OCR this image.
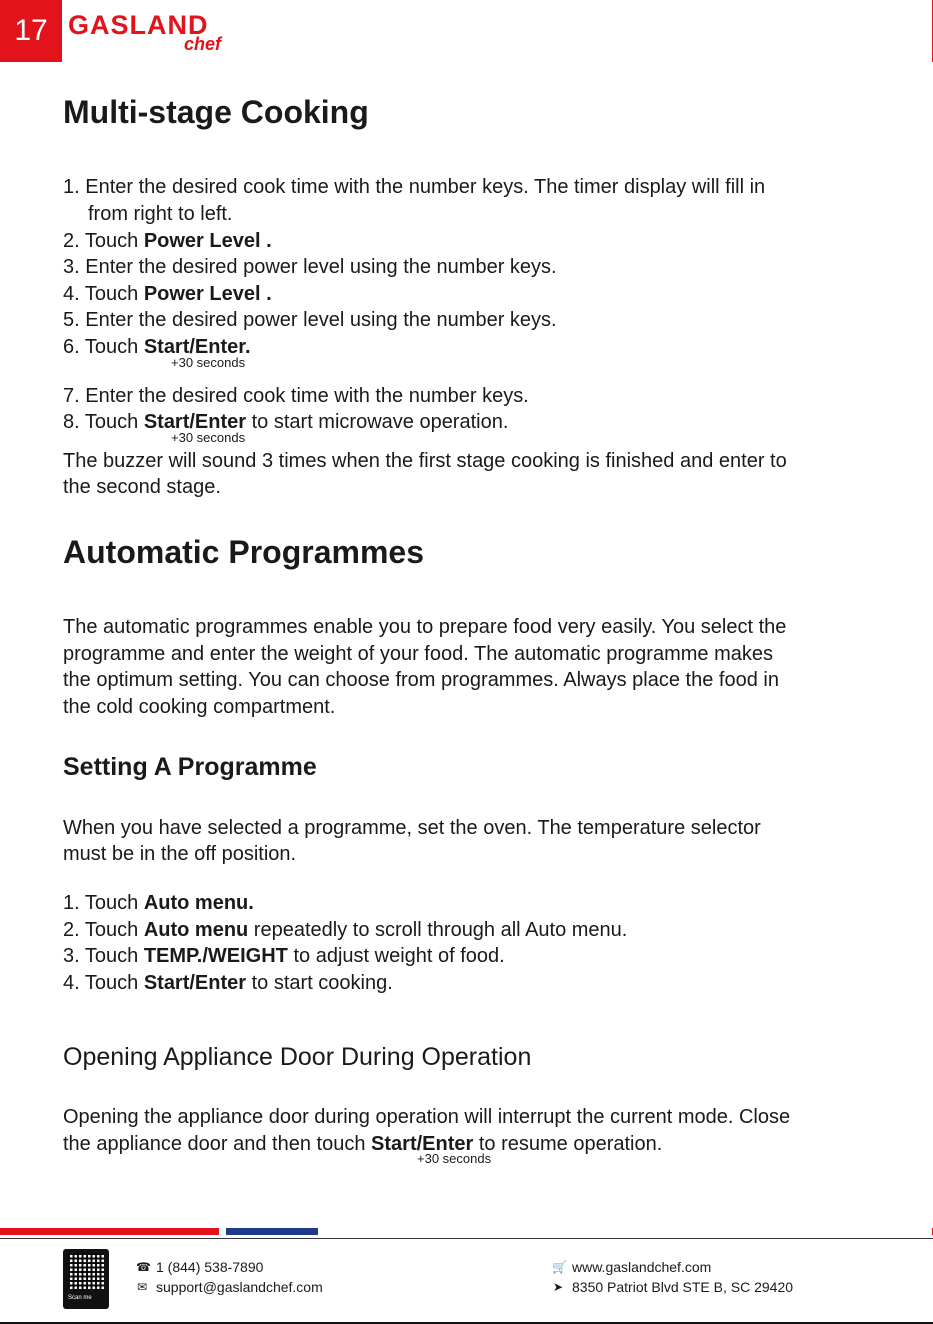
17 GASLAND
chef
Multi-stage Cooking
1. Enter the desired cook time with the number keys. The timer display will fill in
from right to left.
2. Touch Power Level .
3. Enter the desired power level using the number keys.
4. Touch Power Level .
5. Enter the desired power level using the number keys.
6. Touch Start/Enter.
+30 seconds
7. Enter the desired cook time with the number keys.
8. Touch Start/Enter to start microwave operation.
+30 seconds
The buzzer will sound 3 times when the first stage cooking is finished and enter to
the second stage.
Automatic Programmes
The automatic programmes enable you to prepare food very easily. You select the
programme and enter the weight of your food. The automatic programme makes
the optimum setting. You can choose from programmes. Always place the food in
the cold cooking compartment.
Setting A Programme
When you have selected a programme, set the oven. The temperature selector
must be in the off position.
1. Touch Auto menu.
2. Touch Auto menu repeatedly to scroll through all Auto menu.
3. Touch TEMP./WEIGHT to adjust weight of food.
4. Touch Start/Enter to start cooking.
Opening Appliance Door During Operation
Opening the appliance door during operation will interrupt the current mode. Close
the appliance door and then touch Start/Enter to resume operation.
+30 seconds
Scan me
☎ 1 (844) 538-7890
✉ support@gaslandchef.com
🛒 www.gaslandchef.com
➤ 8350 Patriot Blvd STE B, SC 29420
